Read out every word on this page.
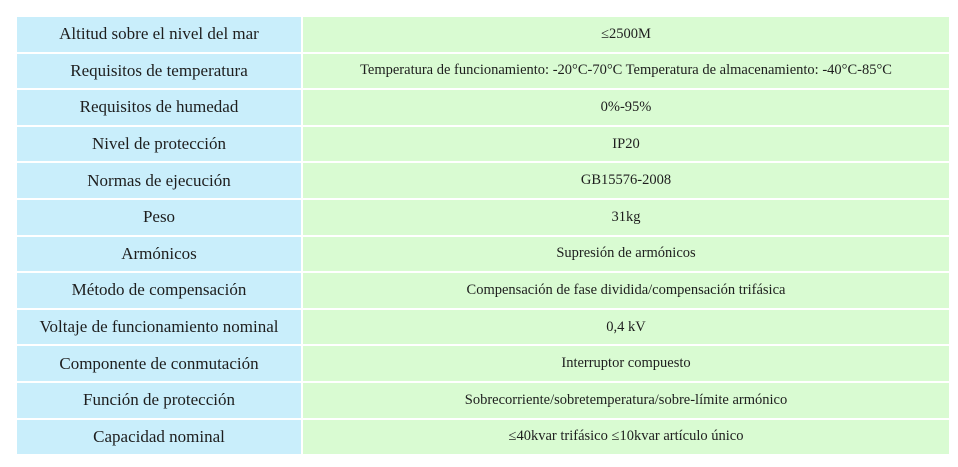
Altitud sobre el nivel del mar	≤2500M
Requisitos de temperatura	Temperatura de funcionamiento: -20°C-70°C Temperatura de almacenamiento: -40°C-85°C
Requisitos de humedad	0%-95%
Nivel de protección	IP20
Normas de ejecución	GB15576-2008
Peso	31kg
Armónicos	Supresión de armónicos
Método de compensación	Compensación de fase dividida/compensación trifásica
Voltaje de funcionamiento nominal	0,4 kV
Componente de conmutación	Interruptor compuesto
Función de protección	Sobrecorriente/sobretemperatura/sobre-límite armónico
Capacidad nominal	≤40kvar trifásico ≤10kvar artículo único
